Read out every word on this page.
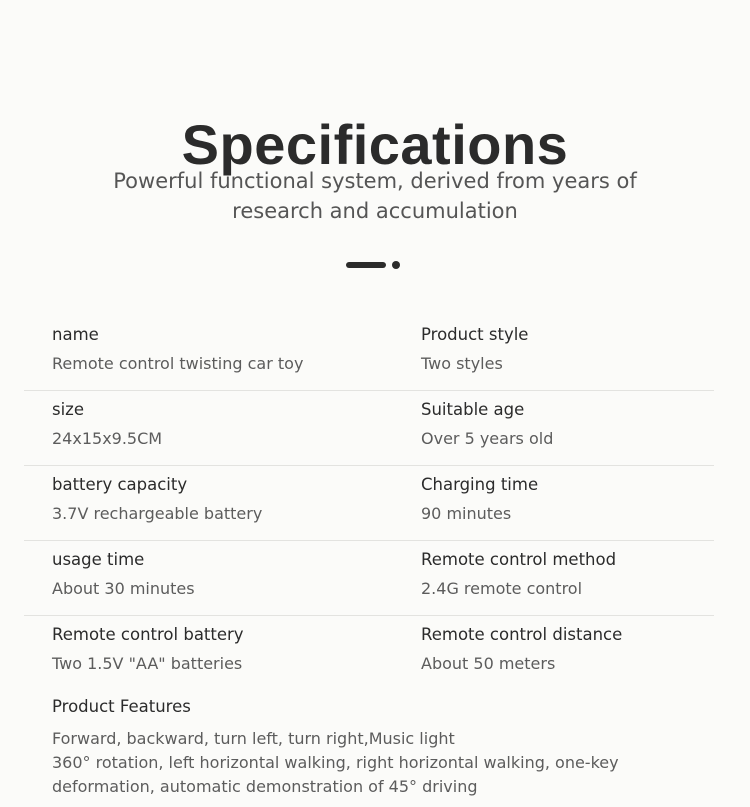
Specifications
Powerful functional system, derived from years of
research and accumulation
name
Remote control twisting car toy
Product style
Two styles
size
24x15x9.5CM
Suitable age
Over 5 years old
battery capacity
3.7V rechargeable battery
Charging time
90 minutes
usage time
About 30 minutes
Remote control method
2.4G remote control
Remote control battery
Two 1.5V "AA" batteries
Remote control distance
About 50 meters
Product Features
Forward, backward, turn left, turn right,Music light
360° rotation, left horizontal walking, right horizontal walking, one-key
deformation, automatic demonstration of 45° driving
